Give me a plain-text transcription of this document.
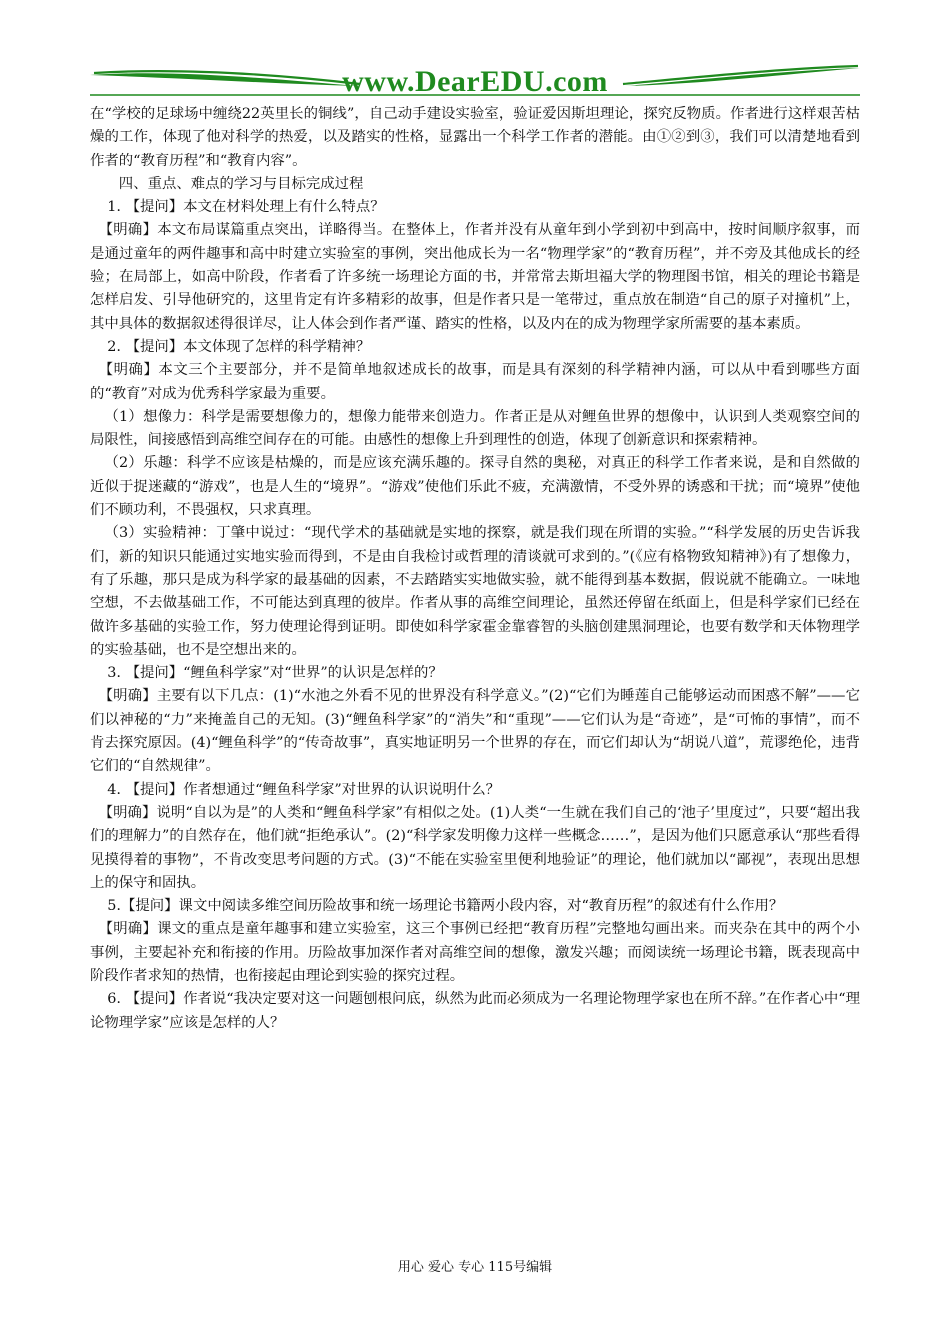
www.DearEDU.com

在“学校的足球场中缠绕22英里长的铜线”，自己动手建设实验室，验证爱因斯坦理论，探究反物质。作者进行这样艰苦枯燥的工作，体现了他对科学的热爱，以及踏实的性格，显露出一个科学工作者的潜能。由①②到③，我们可以清楚地看到作者的“教育历程”和“教育内容”。

四、重点、难点的学习与目标完成过程

1. 【提问】本文在材料处理上有什么特点？

【明确】本文布局谋篇重点突出，详略得当。在整体上，作者并没有从童年到小学到初中到高中，按时间顺序叙事，而是通过童年的两件趣事和高中时建立实验室的事例，突出他成长为一名“物理学家”的“教育历程”，并不旁及其他成长的经验；在局部上，如高中阶段，作者看了许多统一场理论方面的书，并常常去斯坦福大学的物理图书馆，相关的理论书籍是怎样启发、引导他研究的，这里肯定有许多精彩的故事，但是作者只是一笔带过，重点放在制造“自己的原子对撞机”上，其中具体的数据叙述得很详尽，让人体会到作者严谨、踏实的性格，以及内在的成为物理学家所需要的基本素质。

2. 【提问】本文体现了怎样的科学精神？

【明确】本文三个主要部分，并不是简单地叙述成长的故事，而是具有深刻的科学精神内涵，可以从中看到哪些方面的“教育”对成为优秀科学家最为重要。

（1）想像力：科学是需要想像力的，想像力能带来创造力。作者正是从对鲤鱼世界的想像中，认识到人类观察空间的局限性，间接感悟到高维空间存在的可能。由感性的想像上升到理性的创造，体现了创新意识和探索精神。

（2）乐趣：科学不应该是枯燥的，而是应该充满乐趣的。探寻自然的奥秘，对真正的科学工作者来说，是和自然做的近似于捉迷藏的“游戏”，也是人生的“境界”。“游戏”使他们乐此不疲，充满激情，不受外界的诱惑和干扰；而“境界”使他们不顾功利，不畏强权，只求真理。

（3）实验精神：丁肇中说过：“现代学术的基础就是实地的探察，就是我们现在所谓的实验。”“科学发展的历史告诉我们，新的知识只能通过实地实验而得到，不是由自我检讨或哲理的清谈就可求到的。”(《应有格物致知精神》)有了想像力，有了乐趣，那只是成为科学家的最基础的因素，不去踏踏实实地做实验，就不能得到基本数据，假说就不能确立。一味地空想，不去做基础工作，不可能达到真理的彼岸。作者从事的高维空间理论，虽然还停留在纸面上，但是科学家们已经在做许多基础的实验工作，努力使理论得到证明。即使如科学家霍金靠睿智的头脑创建黑洞理论，也要有数学和天体物理学的实验基础，也不是空想出来的。

3. 【提问】“鲤鱼科学家”对“世界”的认识是怎样的？

【明确】主要有以下几点：(1)“水池之外看不见的世界没有科学意义。”(2)“它们为睡莲自己能够运动而困惑不解”——它们以神秘的“力”来掩盖自己的无知。(3)“鲤鱼科学家”的“消失”和“重现”——它们认为是“奇迹”，是“可怖的事情”，而不肯去探究原因。(4)“鲤鱼科学”的“传奇故事”，真实地证明另一个世界的存在，而它们却认为“胡说八道”，荒谬绝伦，违背它们的“自然规律”。

4. 【提问】作者想通过“鲤鱼科学家”对世界的认识说明什么？

【明确】说明“自以为是”的人类和“鲤鱼科学家”有相似之处。(1)人类“一生就在我们自己的‘池子’里度过”，只要“超出我们的理解力”的自然存在，他们就“拒绝承认”。(2)“科学家发明像力这样一些概念……”，是因为他们只愿意承认“那些看得见摸得着的事物”，不肯改变思考问题的方式。(3)“不能在实验室里便利地验证”的理论，他们就加以“鄙视”，表现出思想上的保守和固执。

5.【提问】课文中阅读多维空间历险故事和统一场理论书籍两小段内容，对“教育历程”的叙述有什么作用？

【明确】课文的重点是童年趣事和建立实验室，这三个事例已经把“教育历程”完整地勾画出来。而夹杂在其中的两个小事例，主要起补充和衔接的作用。历险故事加深作者对高维空间的想像，激发兴趣；而阅读统一场理论书籍，既表现高中阶段作者求知的热情，也衔接起由理论到实验的探究过程。

6. 【提问】作者说“我决定要对这一问题刨根问底，纵然为此而必须成为一名理论物理学家也在所不辞。”在作者心中“理论物理学家”应该是怎样的人？

用心 爱心 专心 115号编辑
